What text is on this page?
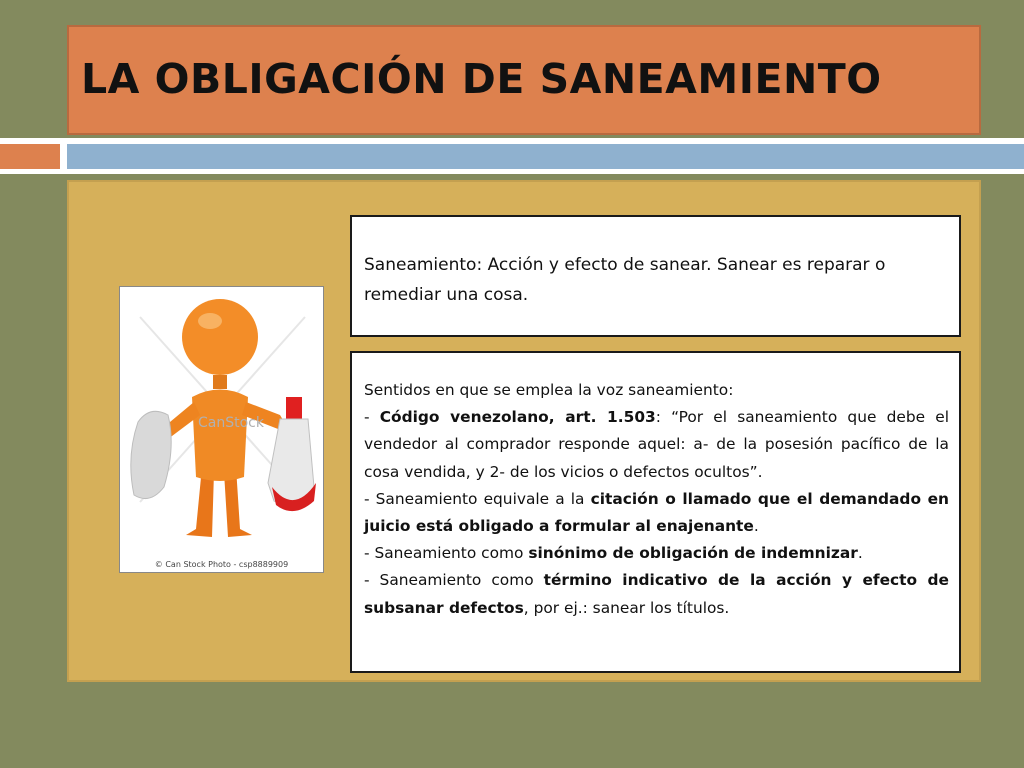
LA OBLIGACIÓN DE SANEAMIENTO
CanStock
© Can Stock Photo - csp8889909
Saneamiento: Acción y efecto de sanear. Sanear es reparar o remediar una cosa.

Sentidos en que se emplea la voz saneamiento:

- Código venezolano, art. 1.503: “Por el saneamiento que debe el vendedor al comprador responde aquel: a- de la posesión pacífico de la cosa vendida, y 2- de los vicios o defectos ocultos”.

- Saneamiento equivale a la citación o llamado que el demandado en juicio está obligado a formular al enajenante.

- Saneamiento como sinónimo de obligación de indemnizar.

- Saneamiento como término indicativo de la acción y efecto de subsanar defectos, por ej.: sanear los títulos.
